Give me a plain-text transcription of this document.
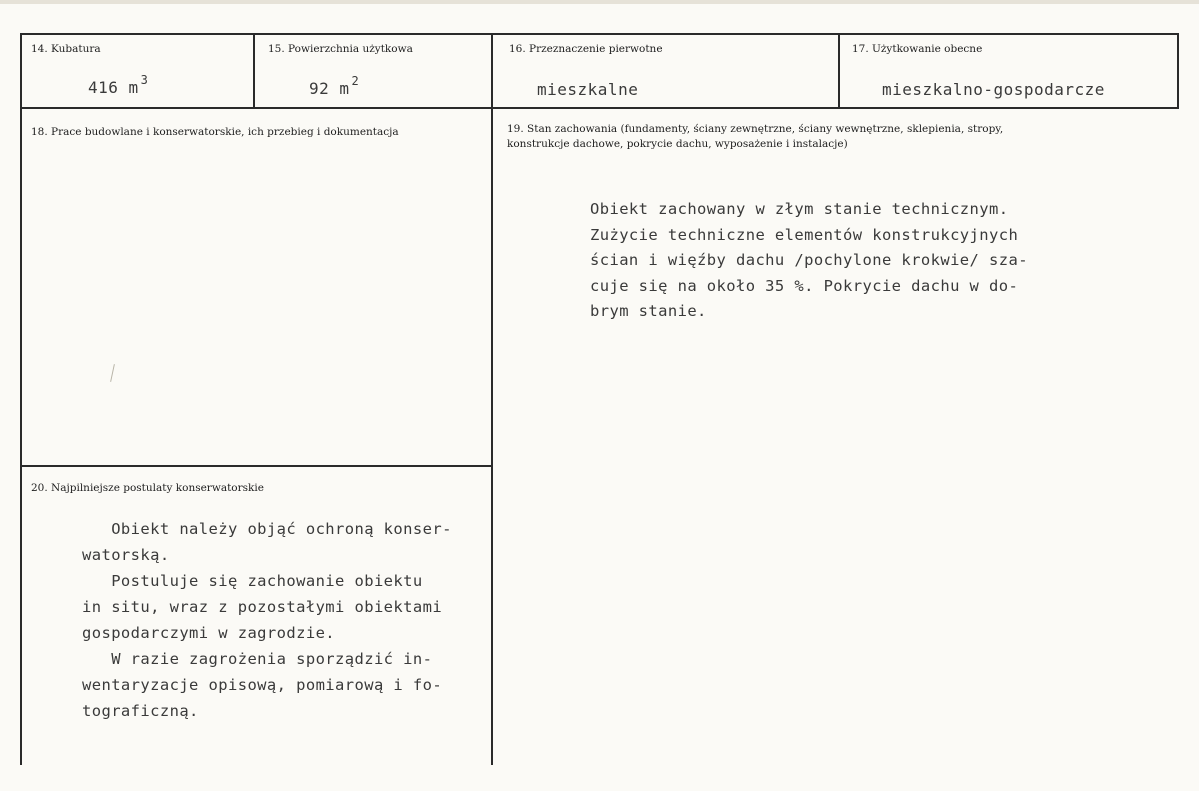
14. Kubatura
416 m $^3$
15. Powierzchnia użytkowa
92 m $^2$
16. Przeznaczenie pierwotne
mieszkalne
17. Użytkowanie obecne
mieszkalno-gospodarcze
18. Prace budowlane i konserwatorskie, ich przebieg i dokumentacja	19. Stan zachowania (fundamenty, ściany zewnętrzne, ściany wewnętrzne, sklepienia, stropy,
konstrukcje dachowe, pokrycie dachu, wyposażenie i instalacje)
Obiekt zachowany w złym stanie technicznym.
Zużycie techniczne elementów konstrukcyjnych
ścian i więźby dachu /pochylone krokwie/ sza-
cuje się na około 35 %. Pokrycie dachu w do-
brym stanie.
20. Najpilniejsze postulaty konserwatorskie
Obiekt należy objąć ochroną konser-
watorską.
Postuluje się zachowanie obiektu
in situ, wraz z pozostałymi obiektami
gospodarczymi w zagrodzie.
W razie zagrożenia sporządzić in-
wentaryzacje opisową, pomiarową i fo-
tograficzną.
